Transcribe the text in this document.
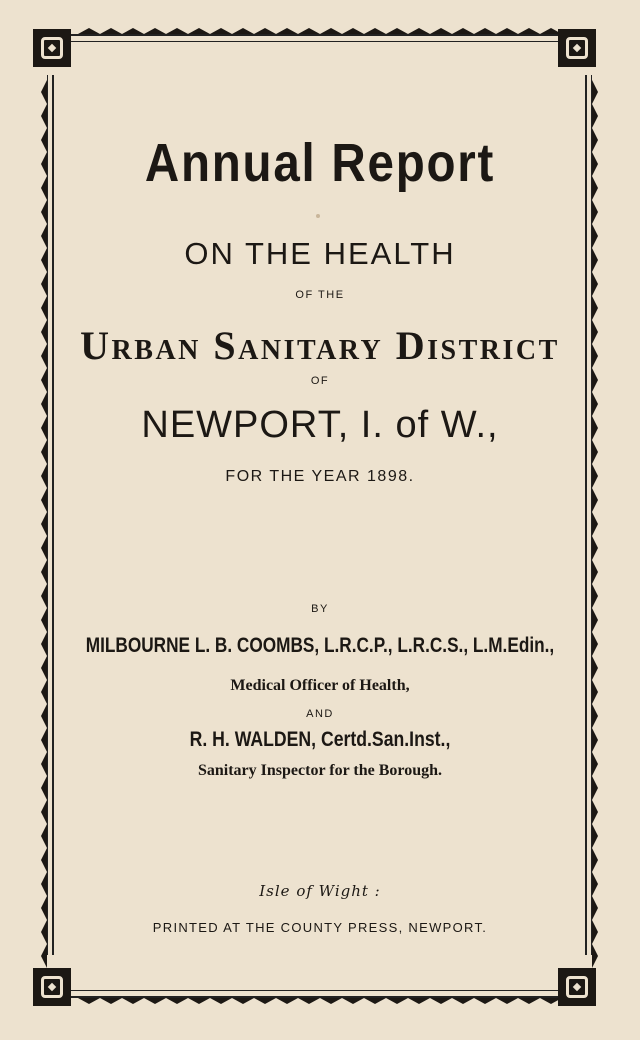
Annual Report
ON THE HEALTH
OF THE
Urban Sanitary District
OF
NEWPORT, I. of W.,
FOR THE YEAR 1898.
BY
MILBOURNE L. B. COOMBS, L.R.C.P., L.R.C.S., L.M.Edin.,
Medical Officer of Health,
AND
R. H. WALDEN, Certd.San.Inst.,
Sanitary Inspector for the Borough.
Isle of Wight :
PRINTED AT THE COUNTY PRESS, NEWPORT.
